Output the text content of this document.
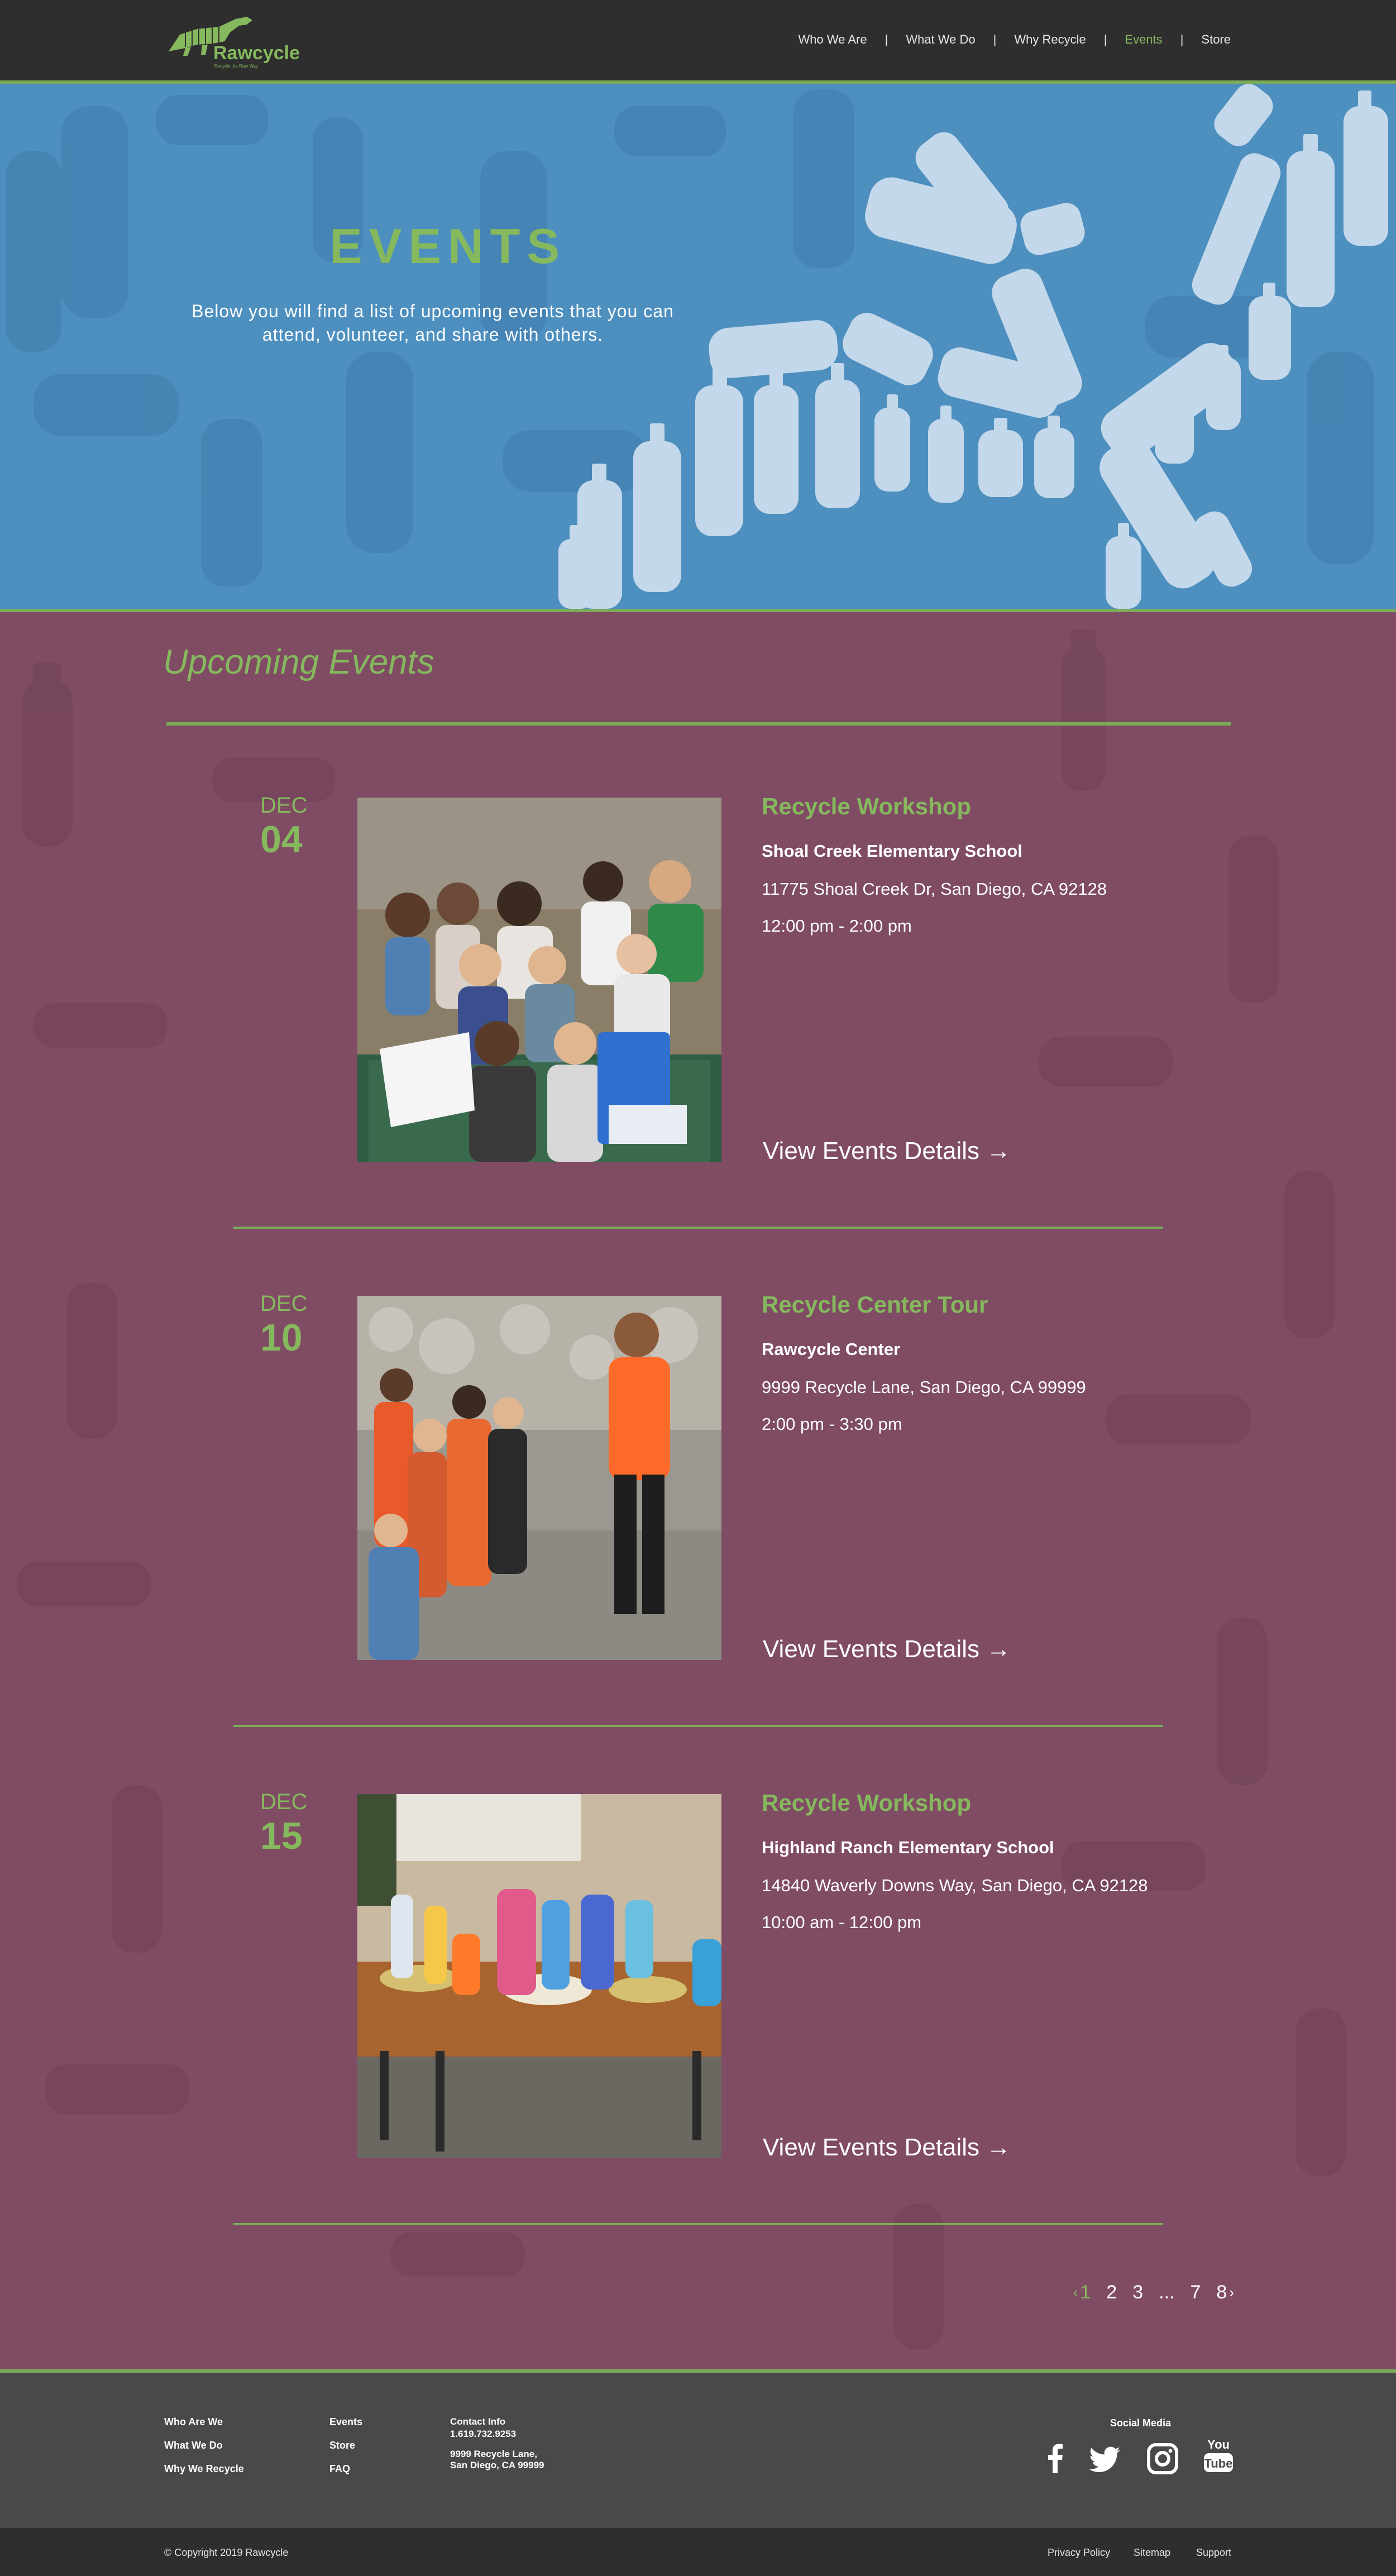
Rawcycle
Recycle the Raw Way
Who We Are | What We Do | Why Recycle | Events | Store
EVENTS
Below you will find a list of upcoming events that you can attend, volunteer, and share with others.
Upcoming Events
DEC
04
Recycle Workshop
Shoal Creek Elementary School
11775 Shoal Creek Dr, San Diego, CA 92128
12:00 pm - 2:00 pm
View Events Details →
DEC
10
Recycle Center Tour
Rawcycle Center
9999 Recycle Lane, San Diego, CA 99999
2:00 pm - 3:30 pm
View Events Details →
DEC
15
Recycle Workshop
Highland Ranch Elementary School
14840 Waverly Downs Way, San Diego, CA 92128
10:00 am - 12:00 pm
View Events Details →
‹ 1 2 3 ... 7 8 ›
Who Are We
What We Do
Why We Recycle
Events
Store
FAQ
Contact Info
1.619.732.9253
9999 Recycle Lane,
San Diego, CA 99999
Social Media
You
Tube
© Copyright 2019 Rawcycle	Privacy Policy Sitemap	Support
